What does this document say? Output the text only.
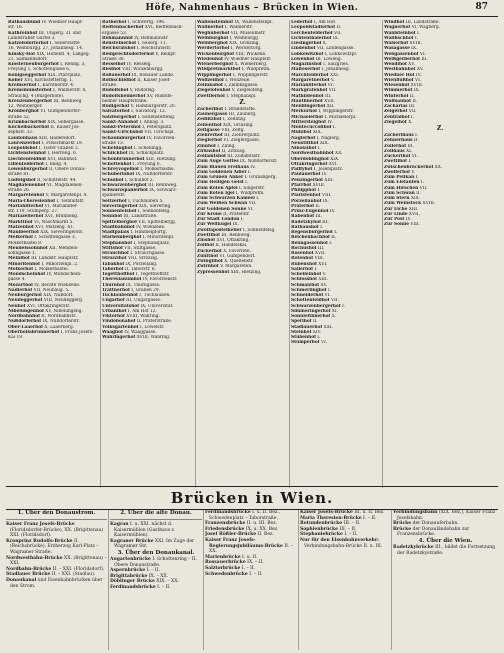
Höfe, Nahmenhaus – Brücken in Wien.	87
Rathausbund IV. Wiedner Haupt-
str. 16.
Kathreinhof III, Ungerg. 21 und
Landstraßer Gürtel 3.
Katzelsdorferhof I, Seilerstätte
16, Weihburgg. 27, Johannesg. 14.
Kinsky-Hof XIX, Hohenfl. 4, Langeg.
21, Salmannsdorf.
Klosterneuburgerhof I, Renng. 3,
Freyung 1, Schottengasse 6,
Königseggerhof XIX, Pfarrplatz.
Koller XVI, Kirchstetterng. 1.
Kremserhof I, Kärntnerstr. 4.
Kremsmünsterhof I, Wallnerstr. 8,
Strauchg. 4 (Bürgerhöfe).
Kreuzenbergerhof III, Rennweg
12, Weinberger.
Kronberghof VI, Gumpendorfer-
straße 52.
Krumbacherhof XIX, Silbergasse.
Küchelbäckerhof II, Kaiser Jos-
sephstr. 32.
Laudonhaus XIII, Hadersdorf.
Laurenzerhof I, Fleischmarkt 19.
Leopoldshof I, Tiefer Graben 2.
Lichtensteinhof I, Herreng. 6.
Liechtenfeldhof XVI, Bahnhof.
Lilienfelderhof I, Ballg. 4.
Löwenburgerhof II, Obere Donau-
straße 81.
Ludwigshof II, Schüttelstr. 44.
Magdalenenhof VI, Magdalenen-
straße 26.
Margaretenhof V, Margaretenpl. 4.
Maria-Theresienhof I, Teinfaltstr.
Mariahilferhof VI, Mariahilfer-
str. 119, Stumperg. 27.
Mariazellerhof XVI, Brunneng.
Marktthof VI, Naschmarkt 5.
Matzenhof XVI, Matzeng. 41.
Maulbeerhof XIX, Sieveringerstr.
Melkerhof I, Schottengasse 3,
Mölkerbastei 8.
Mendelssohnhof XII, Mendels-
sohngasse 1.
Meinlhof III, Landstr. Hauptstr.
Minoritenhof I, Minoritenpl. 2.
Mölkerhof I, Mölkerbastei.
Mondscheinhof IV, Mondschein-
gasse 4.
Mozarthof IV, Rechte Wienzeile.
Nadlerhof VII, Neubaug. 5.
Neuburgerhof XIX, Nußdorf.
Neudeggerhof VIII, Neudeggerg.
Neuhof XVI, Ottakringerstr.
Nibelungenhof XV, Nibelungeng.
Nordbahnhof II, Nordbahnstr.
Nußdorferhof IX, Nußdorferstr.
Ober-Laaerhof X, Laaerberg.
Oberhollabrunnerhof I, Franz Josefs-
Kai 19.
Ratherhof I, Schwertg. 196.
Redtenbacherhof XVI, Redtenbach-
ergasse 53.
Rehmannhof IV, Rehmannstr.
Rehsteinerhof I, Seilerg. 11.
Reichsratshof I, Reichsratsstr.
Reinprechtsdorferhof V, Reinpr.
Straße 30.
Resselhof IV, Resselg.
Riedhof VIII, Wickenburgg.
Roßauerhof IX, Roßauer Lände.
Rothschildhof II, Kaiser Josef-
straße.
Rudolfshof V, Rudolfsg.
Rudolfsheimerhof XV, Rudolfs-
heimer Hauptstraße.
Rüdigerhof V, Hamburgerstr. 20.
Salvatorhof I, Salvatorg. 12.
Salzburgerhof I, Seitenstetteng.
Sankt-Annahof I, Annag. 3.
Sankt-Petershof I, Petersplatz.
Sankt-Ulrichshof VII, Ulrichspl.
Schaumburgerhof IV, Favoriten-
straße 13.
Schellinghof I, Schellingg.
Schlickhof IX, Schlickplatz.
Schönbrunnerhof XIII, Hietzing.
Schottenhof I, Freyung 6.
Schreyvogelhof I, Mölkerbastei.
Schubertshof IX, Nußdorferstr.
Schulhof I, Schulhof 2.
Schwarzenberghof III, Rennweg.
Schwarzspanierhof IX, Schwarz-
spanierstr.
Seitzerhof I, Tuchlauben 5.
Sieveringerhof XIX, Sievering.
Sonnenfelshof I, Sonnenfelsg.
Sonnhof III, Landstraße.
Spittelberghof VII, Spittelbergg.
Stadtbahnhof IV, Wienzeile.
Stadtpalais I, Himmelpfortg.
Starhemberghof I, Minoritenpl.
Stephanshof I, Stephansplatz.
Stiftshof VII, Stiftgasse.
Strauchhof I, Strauchgasse.
Strozzihof VIII, Strozzig.
Tabakhof IX, Porzellang.
Taborhof II, Taborstr. 6.
Tegetthoffhof I, Tegetthoffstr.
Theresianumhof IV, Favoritenstr.
Thurnhof IX, Thurngasse.
Trattnerhof I, Graben 29.
Tuchlaubenhof I, Tuchlauben.
Ungarhof III, Ungargasse.
Universitätshof IX, Universität.
Urbanihof I, Am Hof 12.
Viktorhof XVIII, Währing.
Vindobonahof II, Praterstraße.
Volksgartenhof I, Löwelstr.
Waaghof IV, Waaggasse.
Währingerhof XVIII, Währing.
Wallensteinhof IX, Wallensteinpl.
Wallnerhof I, Wallnerstr.
Weghuberhof VII, Museumstr.
Weihburghof I, Weihburgg.
Weinberghof XIX, Grinzing.
Werdertorhof I, Werdertorg.
Wickenburghof VIII, Wickenb.
Wiedenhof IV, Wiedner Hauptstr.
Wienerberghof X, Wienerberg.
Wildpretmarkthof I, Wildpretm.
Wipplingerhof I, Wipplingerstr.
Wollzeilhof I, Wollzeile.
Zelinkahof I, Zelinkagasse.
Ziegelofenhof V, Ziegelofeng.
Zwettlerhof I, Stephanspl.
Z.
Zacherlhof I, Brandstätte.
Zaunergasse III, Zaunerg.
Zedlitzhof I, Zedlitzg.
Zehenthof XIX, Grinzing.
Zeltgasse VIII, Zeltg.
Ziehrerhof III, Ziehrerplatz.
Zieglerhof VI, Zieglergasse.
Zinnhof I, Zinng.
Zirkushof II, Zirkusg.
Zollamtshof III, Zollamtsstr.
Zum Auge Gottes IX, Nußdorferstr.
Zum Blauen Freihaus IV.
Zum Goldenen Adler I.
Zum Grünen Anker I, Grünangerg.
Zum Heiligen Geist I.
Zum Roten Apfel I, Singerstr.
Zum Roten Igel I, Wildpretm.
Zum Schwarzen Kameel I.
Zum Weißen Schwan VII.
Zur Goldenen Sonne VI.
Zur Krone II, Praterstr.
Zur Stadt London I.
Zur Weltkugel IX.
Zwölfapostelkeller I, Sonnenfelsg.
Zwettlhof III, Rennweg.
Zinshof XVI, Ottakring.
Zollhof II, Handelskai.
Zuckerhof X, Favoriten.
Zunfthof VI, Gumpendorf.
Zwinglihof X, Quellenstr.
Zwirnhof V, Margareten.
Zypressenhof XIII, Hietzing.
Lederhof I, Am Hof.
Leopoldstädterhof II.
Lerchenfelderhof VII.
Lichtenthalerhof IX.
Liesingerhof X.
Lindenhof VII, Lindengasse.
Lobkowitzhof I, Lobkowitzpl.
Löwenhof III, Löweng.
Magazinshof I, Salzgries.
Malteserhof I, Johannesg.
Marchfelderhof XXI.
Margaretnerhof V.
Mariahilferhof VI.
Markgrafenhof VII.
Mathildenhof III.
Mauthnerhof XVII.
Meidlingerhof XII.
Merkurhof I, Wipplingerstr.
Michaelerhof I, Michaelerpl.
Mittersteighof IV.
Montecuccolihof I.
Mühlhof XIX.
Naglerhof I, Naglerg.
Neustifthof XIX.
Nikolaihof I.
Nordwestbahnhof XX.
Oberdöblinghof XIX.
Ottakringerhof XVI.
Palffyhof I, Josefsplatz.
Paulanerhof IV.
Penzingerhof XIII.
Pfarrhof XVIII.
Philipphof I.
Piaristenhof VIII.
Porzellanhof IX.
Praterhof II.
Prinz-Eugenhof IV.
Rabenhof III.
Radetzkyhof III.
Rathaushof I.
Regensburgerhof I.
Reichenbachhof II.
Renngassenhof I.
Rochushof III.
Rosenhof XVII.
Rotenhof VIII.
Rubenshof XVI.
Sailerhof I.
Schelleinhof V.
Schlosshof XIII.
Schmalzhof XV.
Schmerlinghof I.
Schneiderhof VI.
Schottenfeldhof VII.
Schwarzenbergerhof I.
Simmeringerhof XI.
Sonnleithnerhof X.
Sperlhof II.
Stadlauerhof XXI.
Steinhof XIV.
Stubenhof I.
Stumperhof VI.
Windhof III, Landstraße.
Wagnerhof VI, Wagnerg.
Waldsteinhof I.
Wallfischhof I.
Walserhof XVIII.
Wasagasse IX.
Webgassenhof VI.
Weißgerberhof III.
Wendlhof XV.
Westbahnhof XV.
Wiedner Hof IV.
Wienflußhof VI.
Wiesenhof XVIII.
Wimmerhof IX.
Winterhof II.
Wolfsauhof II.
Zacharias III.
Zelgerhof VII.
Zentralhof I.
Ziegelhof X.
Z.
Zacherlhaus I.
Zehnerhaus II.
Zollerhof III.
Zollhaus XI.
Zuckerlhof VI.
Zwettlhof I.
Zwischenbrückerhof XX.
Zwölferhof V.
Zum Pelikan I.
Zum Elefanten I.
Zum Hirschen VII.
Zum Schwan II.
Zum Stern XIX.
Zum Weinstock XVIII.
Zur Eiche XIII.
Zur Linde XVII.
Zur Post IV.
Zur Sonne VIII.
Brücken in Wien.
1. Über den Donaustrom.
Kaiser Franz Josefs-Brücke (Floridsdorfer-Brücke), XX. (Brigittenau) XXI. (Floridsdorf).
Kronprinz Rudolfs-Brücke II. (Reichsbrücke). Erzherzog Karl-Platz – Wagramer Straße.
Nordwestbahn-Brücke XX. (Brigittenau) – XXI.
Nordbahn-Brücke II. – XXI. (Floridsdorf).
Stadlauer Brücke II. – XXI. (Stadlau).
Donaukanal und Eisenbahnbrücken über den Strom.
2. Über die alte Donau.
Kagran I. u. XXI. nächst d. Kaisermühlen (Gasthaus z. Kaisermühlen).
Kagraner Brücke XXI. Im Zuge der Wagramer Str.
3. Über den Donaukanal.
Augartenbrücke I. Schottenring – II. Obere Donaustraße.
Aspernbrücke I. – II.
Brigittabrücke IX. – XX.
Döblinger Brücke XIX. – XX.
Ferdinandsbrücke I. – II.
Ferdinandsbrücke I. u. II. Bez., Schwedenplatz – Taborstraße.
Franzensbrücke II. u. III. Bez.
Friedensbrücke IX. u. XX. Bez.
Josef Rößler-Brücke II. Bez.
Kaiser Franz Josefs-Regierungsjubiläums-Brücke II. – XX.
Marienbrücke I. u. II.
Rossauerbrücke IX. – II.
Salztorbrücke I. – II.
Schwedenbrücke I. – II.
Kaiser Josefs-Brücke III. u. II. Bez.
Maria Theresien-Brücke I. – II.
Rotundenbrücke III. – II.
Sophienbrücke III. – II.
Stephaniebrücke I. – II.
Nur für den Eisenbahnverkehr: Verbindungsbahn-Brücke II. u. III.
Verbindungsbahn (XIX. Bez.), Kaiser Franz Josefsbahn.
Brücke der Donauuferbahn.
Brücke der Donauländebahn zur Franzensbrücke.
4. Über die Wien.
Radetzkybrücke III., bildet die Fortsetzung der Radetzkystraße.
